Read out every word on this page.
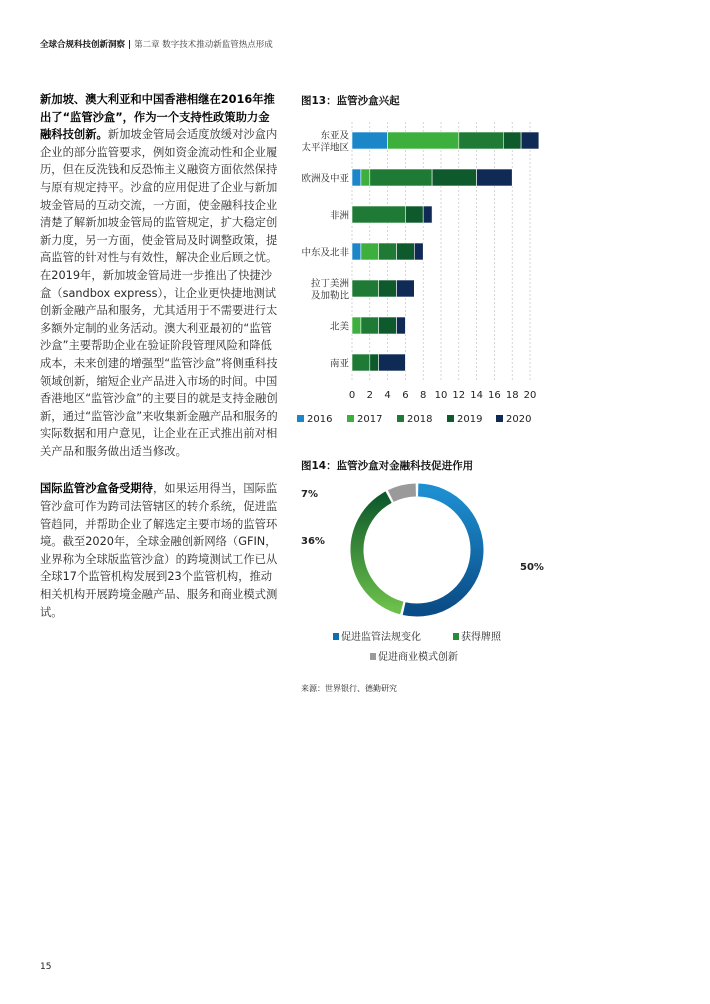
全球合规科技创新洞察 | 第二章 数字技术推动新监管热点形成

新加坡、澳大利亚和中国香港相继在2016年推出了“监管沙盒”，作为一个支持性政策助力金融科技创新。新加坡金管局会适度放缓对沙盒内企业的部分监管要求，例如资金流动性和企业履历，但在反洗钱和反恐怖主义融资方面依然保持与原有规定持平。沙盒的应用促进了企业与新加坡金管局的互动交流，一方面，使金融科技企业清楚了解新加坡金管局的监管规定，扩大稳定创新力度，另一方面，使金管局及时调整政策，提高监管的针对性与有效性，解决企业后顾之忧。在2019年，新加坡金管局进一步推出了快捷沙盒（sandbox express），让企业更快捷地测试创新金融产品和服务，尤其适用于不需要进行太多额外定制的业务活动。澳大利亚最初的“监管沙盒”主要帮助企业在验证阶段管理风险和降低成本，未来创建的增强型“监管沙盒”将侧重科技领域创新，缩短企业产品进入市场的时间。中国香港地区“监管沙盒”的主要目的就是支持金融创新，通过“监管沙盒”来收集新金融产品和服务的实际数据和用户意见，让企业在正式推出前对相关产品和服务做出适当修改。

国际监管沙盒备受期待，如果运用得当，国际监管沙盒可作为跨司法管辖区的转介系统，促进监管趋同，并帮助企业了解选定主要市场的监管环境。截至2020年，全球金融创新网络（GFIN，业界称为全球版监管沙盒）的跨境测试工作已从全球17个监管机构发展到23个监管机构，推动相关机构开展跨境金融产品、服务和商业模式测试。

图13：监管沙盒兴起
东亚及
太平洋地区
欧洲及中亚
非洲
中东及北非
拉丁美洲
及加勒比
北美
南亚
0 2 4 6 8 10 12 14 16 18 20
2016 2017 2018 2019 2020
图14：监管沙盒对金融科技促进作用
50%
36%
7%
促进监管法规变化	获得牌照
促进商业模式创新
来源：世界银行、德勤研究
15
